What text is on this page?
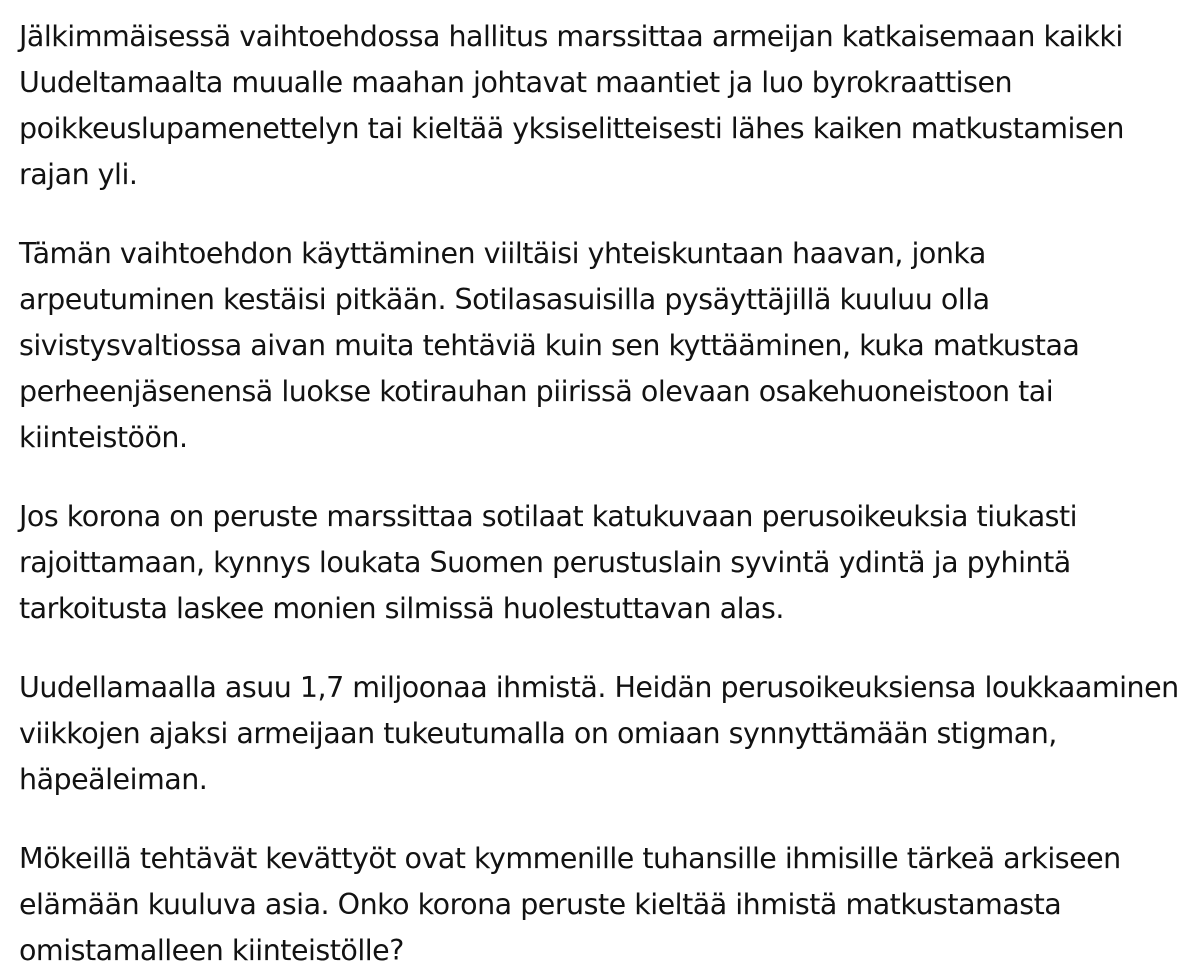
Jälkimmäisessä vaihtoehdossa hallitus marssittaa armeijan katkaisemaan kaikki Uudeltamaalta muualle maahan johtavat maantiet ja luo byrokraattisen poikkeuslupamenettelyn tai kieltää yksiselitteisesti lähes kaiken matkustamisen rajan yli.

Tämän vaihtoehdon käyttäminen viiltäisi yhteiskuntaan haavan, jonka arpeutuminen kestäisi pitkään. Sotilasasuisilla pysäyttäjillä kuuluu olla sivistysvaltiossa aivan muita tehtäviä kuin sen kyttääminen, kuka matkustaa perheenjäsenensä luokse kotirauhan piirissä olevaan osakehuoneistoon tai kiinteistöön.

Jos korona on peruste marssittaa sotilaat katukuvaan perusoikeuksia tiukasti rajoittamaan, kynnys loukata Suomen perustuslain syvintä ydintä ja pyhintä tarkoitusta laskee monien silmissä huolestuttavan alas.

Uudellamaalla asuu 1,7 miljoonaa ihmistä. Heidän perusoikeuksiensa loukkaaminen viikkojen ajaksi armeijaan tukeutumalla on omiaan synnyttämään stigman, häpeäleiman.

Mökeillä tehtävät kevättyöt ovat kymmenille tuhansille ihmisille tärkeä arkiseen elämään kuuluva asia. Onko korona peruste kieltää ihmistä matkustamasta omistamalleen kiinteistölle?
